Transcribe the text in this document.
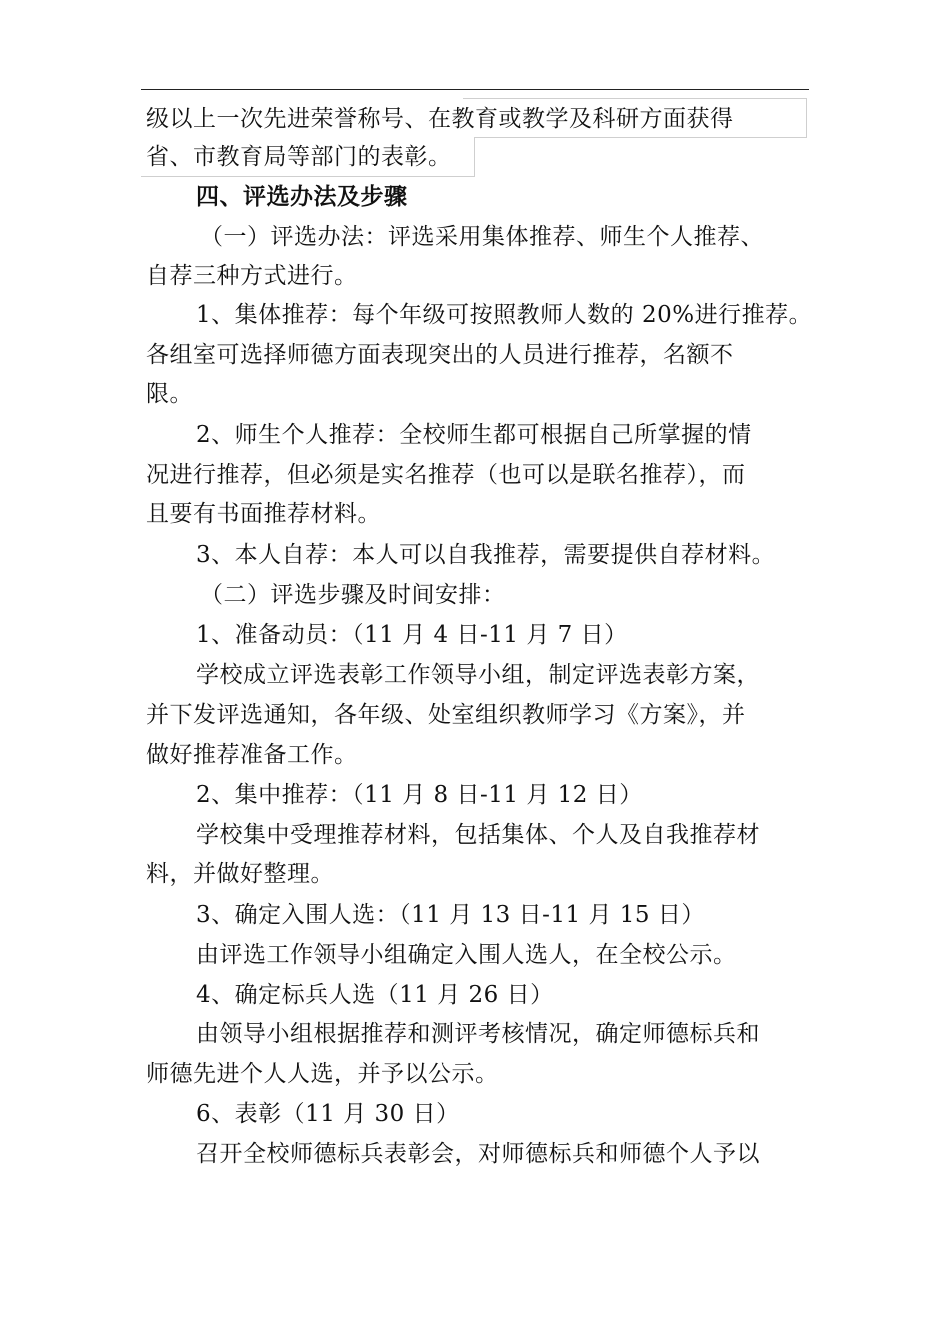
级以上一次先进荣誉称号、在教育或教学及科研方面获得
省、市教育局等部门的表彰。
四、评选办法及步骤
（一）评选办法：评选采用集体推荐、师生个人推荐、
自荐三种方式进行。
1、集体推荐：每个年级可按照教师人数的 20%进行推荐。
各组室可选择师德方面表现突出的人员进行推荐，名额不
限。
2、师生个人推荐：全校师生都可根据自己所掌握的情
况进行推荐，但必须是实名推荐（也可以是联名推荐），而
且要有书面推荐材料。
3、本人自荐：本人可以自我推荐，需要提供自荐材料。
（二）评选步骤及时间安排：
1、准备动员：（11 月 4 日-11 月 7 日）
学校成立评选表彰工作领导小组，制定评选表彰方案，
并下发评选通知，各年级、处室组织教师学习《方案》，并
做好推荐准备工作。
2、集中推荐：（11 月 8 日-11 月 12 日）
学校集中受理推荐材料，包括集体、个人及自我推荐材
料，并做好整理。
3、确定入围人选：（11 月 13 日-11 月 15 日）
由评选工作领导小组确定入围人选人，在全校公示。
4、确定标兵人选（11 月 26 日）
由领导小组根据推荐和测评考核情况，确定师德标兵和
师德先进个人人选，并予以公示。
6、表彰（11 月 30 日）
召开全校师德标兵表彰会，对师德标兵和师德个人予以
